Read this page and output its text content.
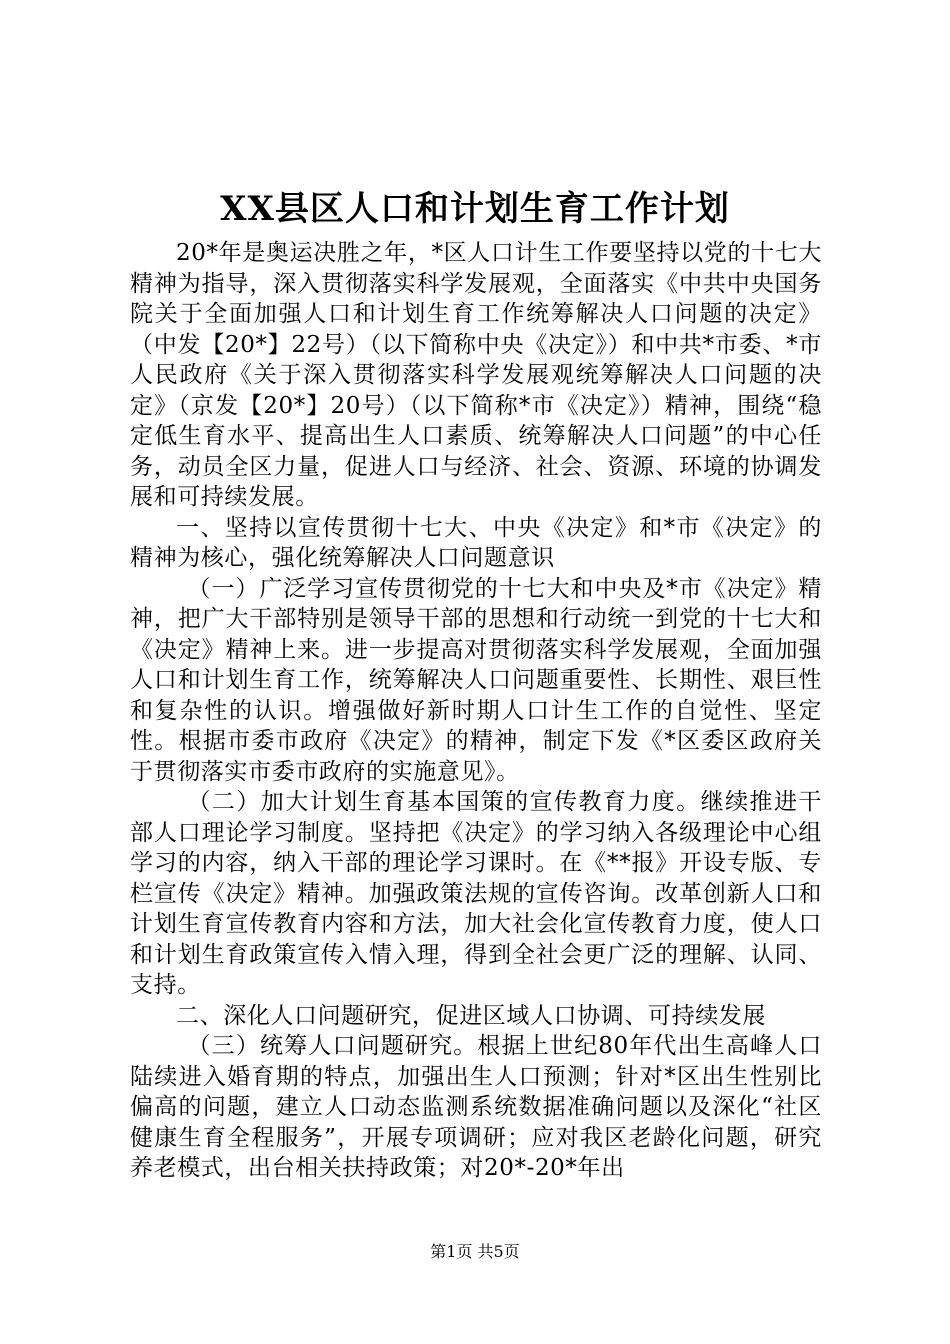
XX县区人口和计划生育工作计划

20*年是奥运决胜之年，*区人口计生工作要坚持以党的十七大精神为指导，深入贯彻落实科学发展观，全面落实《中共中央国务院关于全面加强人口和计划生育工作统筹解决人口问题的决定》（中发【20*】22号）（以下简称中央《决定》）和中共*市委、*市人民政府《关于深入贯彻落实科学发展观统筹解决人口问题的决定》（京发【20*】20号）（以下简称*市《决定》）精神，围绕“稳定低生育水平、提高出生人口素质、统筹解决人口问题”的中心任务，动员全区力量，促进人口与经济、社会、资源、环境的协调发展和可持续发展。

一、坚持以宣传贯彻十七大、中央《决定》和*市《决定》的精神为核心，强化统筹解决人口问题意识

（一）广泛学习宣传贯彻党的十七大和中央及*市《决定》精神，把广大干部特别是领导干部的思想和行动统一到党的十七大和《决定》精神上来。进一步提高对贯彻落实科学发展观，全面加强人口和计划生育工作，统筹解决人口问题重要性、长期性、艰巨性和复杂性的认识。增强做好新时期人口计生工作的自觉性、坚定性。根据市委市政府《决定》的精神，制定下发《*区委区政府关于贯彻落实市委市政府的实施意见》。

（二）加大计划生育基本国策的宣传教育力度。继续推进干部人口理论学习制度。坚持把《决定》的学习纳入各级理论中心组学习的内容，纳入干部的理论学习课时。在《**报》开设专版、专栏宣传《决定》精神。加强政策法规的宣传咨询。改革创新人口和计划生育宣传教育内容和方法，加大社会化宣传教育力度，使人口和计划生育政策宣传入情入理，得到全社会更广泛的理解、认同、支持。

二、深化人口问题研究，促进区域人口协调、可持续发展

（三）统筹人口问题研究。根据上世纪80年代出生高峰人口陆续进入婚育期的特点，加强出生人口预测；针对*区出生性别比偏高的问题，建立人口动态监测系统数据准确问题以及深化“社区健康生育全程服务”，开展专项调研；应对我区老龄化问题，研究养老模式，出台相关扶持政策；对20*-20*年出

第1页 共5页
